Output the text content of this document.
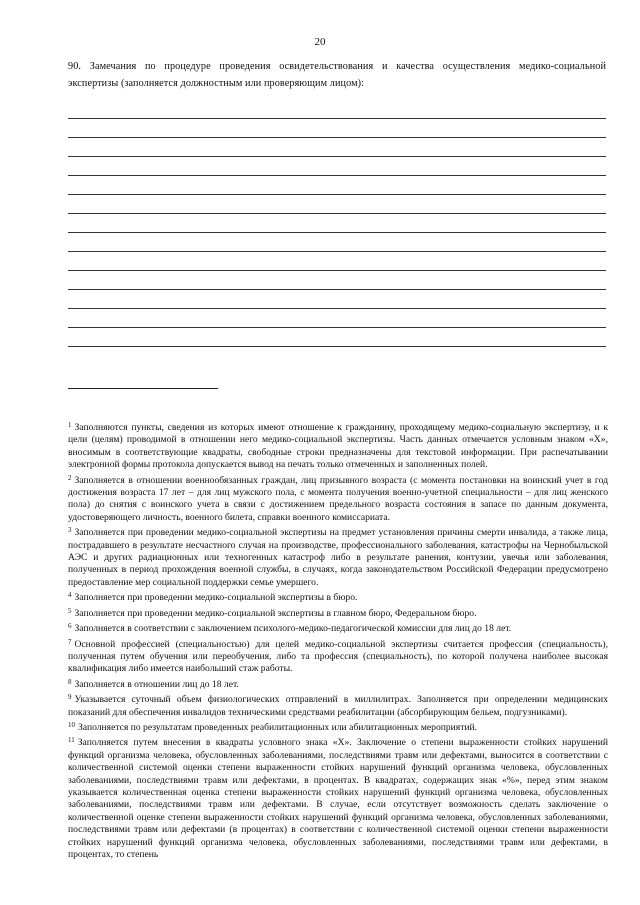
20
90. Замечания по процедуре проведения освидетельствования и качества осуществления медико-социальной
экспертизы (заполняется должностным или проверяющим лицом):

$^1$ Заполняются пункты, сведения из которых имеют отношение к гражданину, проходящему медико-социальную экспертизу, и к цели (целям) проводимой в отношении него медико-социальной экспертизы. Часть данных отмечается условным знаком «Х», вносимым в соответствующие квадраты, свободные строки предназначены для текстовой информации. При распечатывании электронной формы протокола допускается вывод на печать только отмеченных и заполненных полей.

$^2$ Заполняется в отношении военнообязанных граждан, лиц призывного возраста (с момента постановки на воинский учет в год достижения возраста 17 лет – для лиц мужского пола, с момента получения военно-учетной специальности – для лиц женского пола) до снятия с воинского учета в связи с достижением предельного возраста состояния в запасе по данным документа, удостоверяющего личность, военного билета, справки военного комиссариата.

$^3$ Заполняется при проведении медико-социальной экспертизы на предмет установления причины смерти инвалида, а также лица, пострадавшего в результате несчастного случая на производстве, профессионального заболевания, катастрофы на Чернобыльской АЭС и других радиационных или техногенных катастроф либо в результате ранения, контузии, увечья или заболевания, полученных в период прохождения военной службы, в случаях, когда законодательством Российской Федерации предусмотрено предоставление мер социальной поддержки семье умершего.

$^4$ Заполняется при проведении медико-социальной экспертизы в бюро.

$^5$ Заполняется при проведении медико-социальной экспертизы в главном бюро, Федеральном бюро.

$^6$ Заполняется в соответствии с заключением психолого-медико-педагогической комиссии для лиц до 18 лет.

$^7$ Основной профессией (специальностью) для целей медико-социальной экспертизы считается профессия (специальность), полученная путем обучения или переобучения, либо та профессия (специальность), по которой получена наиболее высокая квалификация либо имеется наибольший стаж работы.

$^8$ Заполняется в отношении лиц до 18 лет.

$^9$ Указывается суточный объем физиологических отправлений в миллилитрах. Заполняется при определении медицинских показаний для обеспечения инвалидов техническими средствами реабилитации (абсорбирующим бельем, подгузниками).

$^{10}$ Заполняется по результатам проведенных реабилитационных или абилитационных мероприятий.

$^{11}$ Заполняется путем внесения в квадраты условного знака «Х». Заключение о степени выраженности стойких нарушений функций организма человека, обусловленных заболеваниями, последствиями травм или дефектами, выносится в соответствии с количественной системой оценки степени выраженности стойких нарушений функций организма человека, обусловленных заболеваниями, последствиями травм или дефектами, в процентах. В квадратах, содержащих знак «%», перед этим знаком указывается количественная оценка степени выраженности стойких нарушений функций организма человека, обусловленных заболеваниями, последствиями травм или дефектами. В случае, если отсутствует возможность сделать заключение о количественной оценке степени выраженности стойких нарушений функций организма человека, обусловленных заболеваниями, последствиями травм или дефектами (в процентах) в соответствии с количественной системой оценки степени выраженности стойких нарушений функций организма человека, обусловленных заболеваниями, последствиями травм или дефектами, в процентах, то степень
